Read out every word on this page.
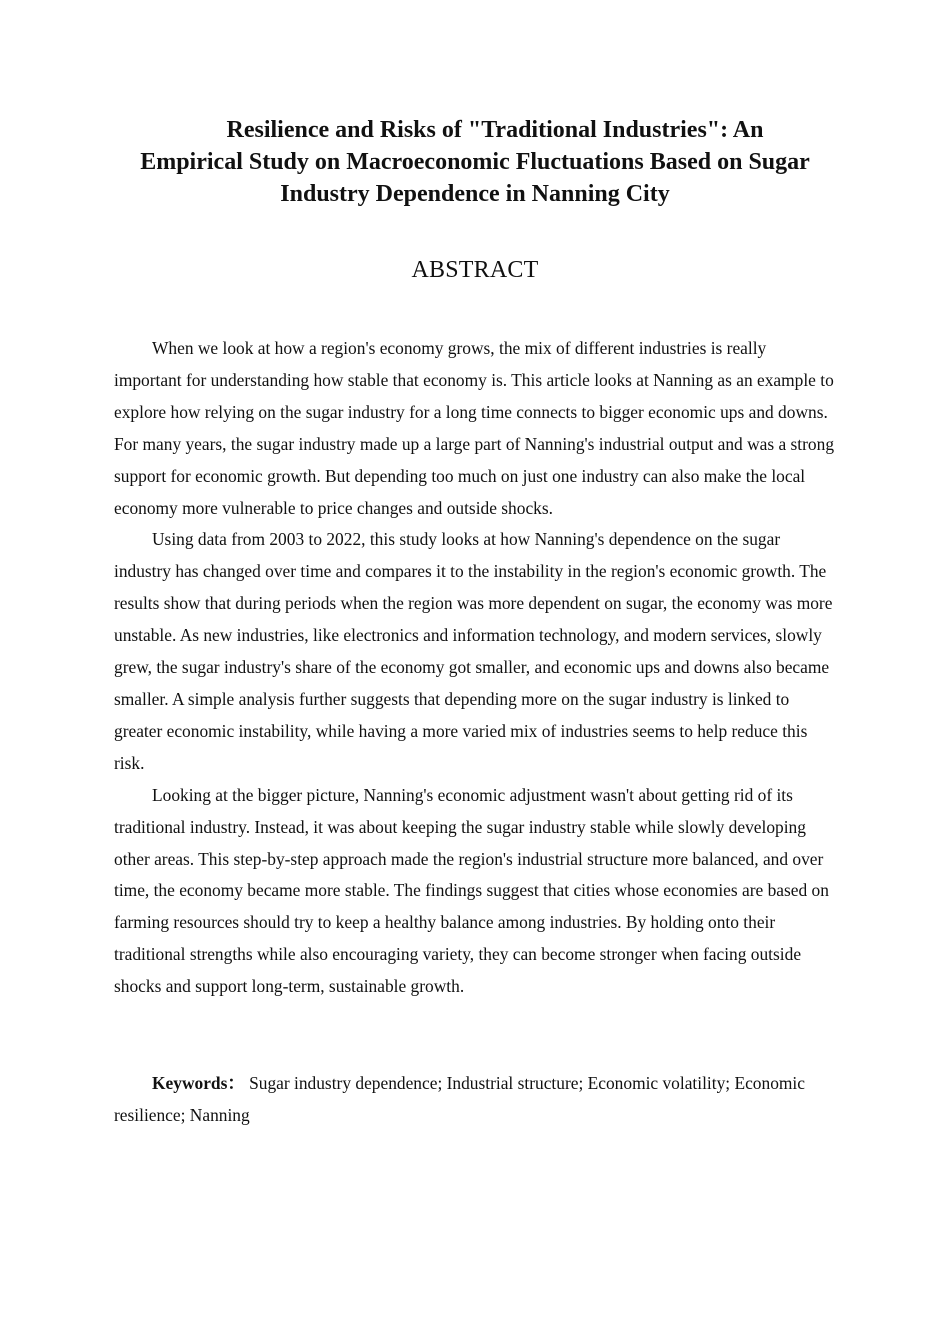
Resilience and Risks of "Traditional Industries": An
Empirical Study on Macroeconomic Fluctuations Based on Sugar
Industry Dependence in Nanning City
ABSTRACT

When we look at how a region's economy grows, the mix of different industries is really important for understanding how stable that economy is. This article looks at Nanning as an example to explore how relying on the sugar industry for a long time connects to bigger economic ups and downs. For many years, the sugar industry made up a large part of Nanning's industrial output and was a strong support for economic growth. But depending too much on just one industry can also make the local economy more vulnerable to price changes and outside shocks.

Using data from 2003 to 2022, this study looks at how Nanning's dependence on the sugar industry has changed over time and compares it to the instability in the region's economic growth. The results show that during periods when the region was more dependent on sugar, the economy was more unstable. As new industries, like electronics and information technology, and modern services, slowly grew, the sugar industry's share of the economy got smaller, and economic ups and downs also became smaller. A simple analysis further suggests that depending more on the sugar industry is linked to greater economic instability, while having a more varied mix of industries seems to help reduce this risk.

Looking at the bigger picture, Nanning's economic adjustment wasn't about getting rid of its traditional industry. Instead, it was about keeping the sugar industry stable while slowly developing other areas. This step-by-step approach made the region's industrial structure more balanced, and over time, the economy became more stable. The findings suggest that cities whose economies are based on farming resources should try to keep a healthy balance among industries. By holding onto their traditional strengths while also encouraging variety, they can become stronger when facing outside shocks and support long-term, sustainable growth.

Keywords： Sugar industry dependence; Industrial structure; Economic volatility; Economic resilience; Nanning
